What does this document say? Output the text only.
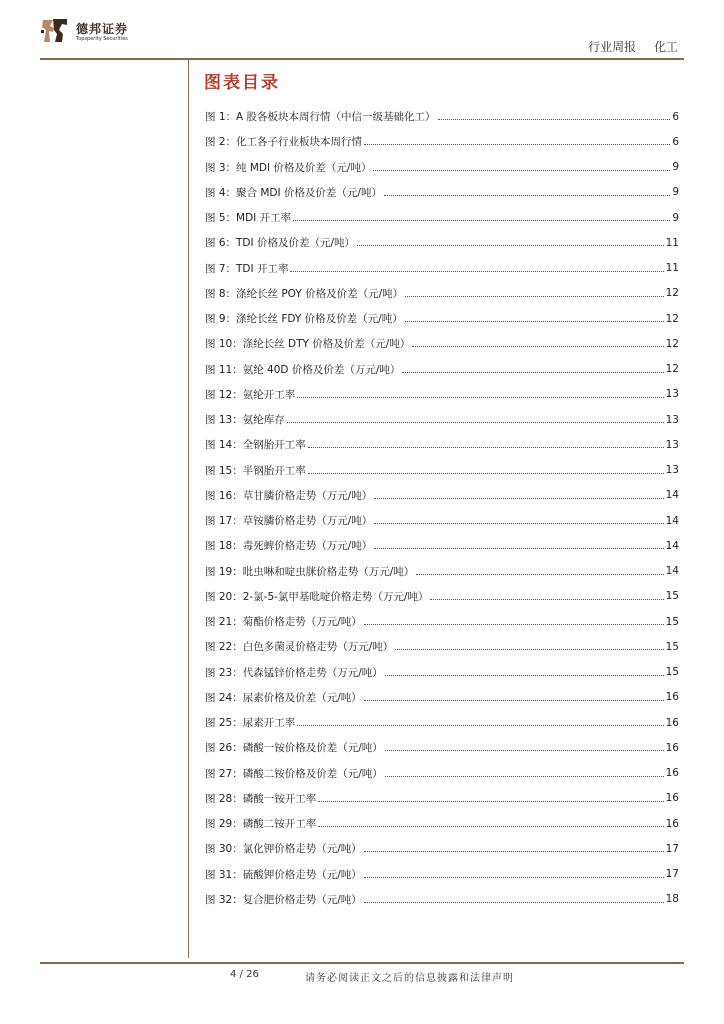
德邦证券
Topsperity Securities
行业周报 化工
图表目录
图 1：A 股各板块本周行情（中信一级基础化工）	6
图 2：化工各子行业板块本周行情	6
图 3：纯 MDI 价格及价差（元/吨）	9
图 4：聚合 MDI 价格及价差（元/吨）	9
图 5：MDI 开工率	9
图 6：TDI 价格及价差（元/吨）	11
图 7：TDI 开工率	11
图 8：涤纶长丝 POY 价格及价差（元/吨）	12
图 9：涤纶长丝 FDY 价格及价差（元/吨）	12
图 10：涤纶长丝 DTY 价格及价差（元/吨）	12
图 11：氨纶 40D 价格及价差（万元/吨）	12
图 12：氨纶开工率	13
图 13：氨纶库存	13
图 14：全钢胎开工率	13
图 15：半钢胎开工率	13
图 16：草甘膦价格走势（万元/吨）	14
图 17：草铵膦价格走势（万元/吨）	14
图 18：毒死蜱价格走势（万元/吨）	14
图 19：吡虫啉和啶虫脒价格走势（万元/吨）	14
图 20：2-氯-5-氯甲基吡啶价格走势（万元/吨）	15
图 21：菊酯价格走势（万元/吨）	15
图 22：白色多菌灵价格走势（万元/吨）	15
图 23：代森锰锌价格走势（万元/吨）	15
图 24：尿素价格及价差（元/吨）	16
图 25：尿素开工率	16
图 26：磷酸一铵价格及价差（元/吨）	16
图 27：磷酸二铵价格及价差（元/吨）	16
图 28：磷酸一铵开工率	16
图 29：磷酸二铵开工率	16
图 30：氯化钾价格走势（元/吨）	17
图 31：硫酸钾价格走势（元/吨）	17
图 32：复合肥价格走势（元/吨）	18
4 / 26	请务必阅读正文之后的信息披露和法律声明
